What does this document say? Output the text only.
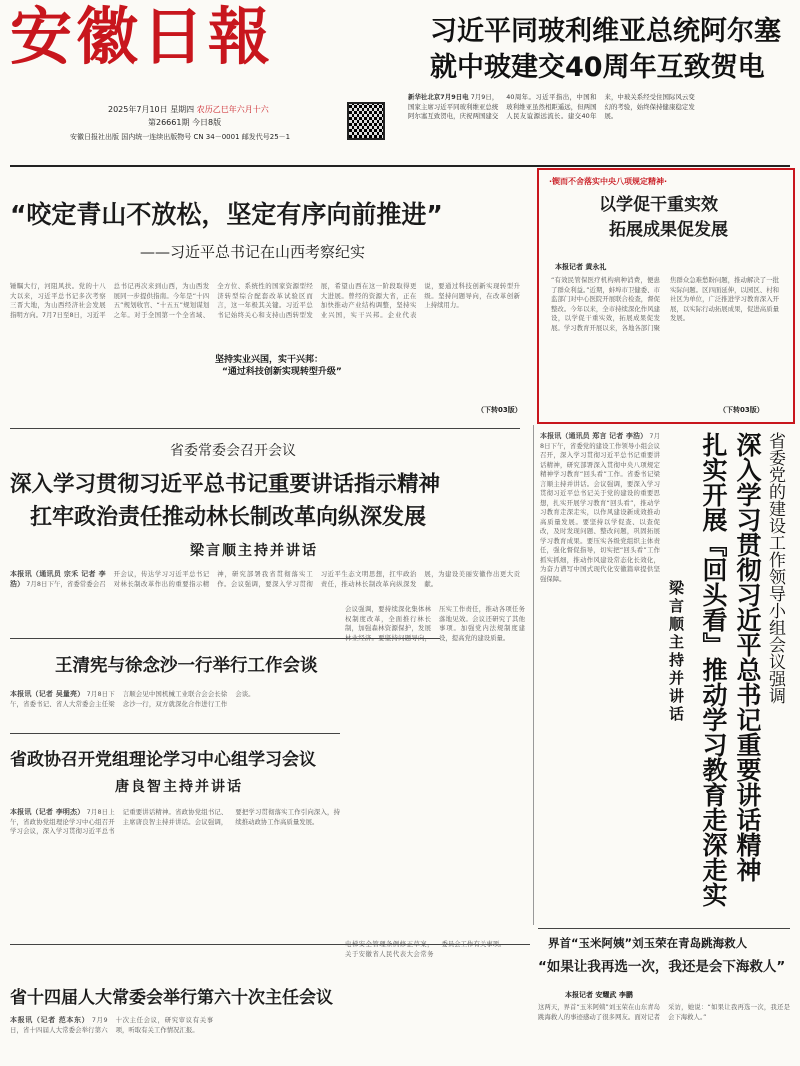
安徽日報
2025年7月10日 星期四 农历乙巳年六月十六
第26661期 今日8版
安徽日报社出版 国内统一连续出版物号 CN 34－0001 邮发代号25－1
习近平同玻利维亚总统阿尔塞
就中玻建交40周年互致贺电
新华社北京7月9日电 7月9日，国家主席习近平同玻利维亚总统阿尔塞互致贺电，庆祝两国建交40周年。习近平指出，中国和玻利维亚虽然相距遥远，但两国人民友谊源远流长。建交40年来，中玻关系经受住国际风云变幻的考验，始终保持健康稳定发展。
“咬定青山不放松，坚定有序向前推进”
——习近平总书记在山西考察纪实
锤瞩大行，河阻风扶。党的十八大以来，习近平总书记多次考察三晋大地，为山西经济社会发展指明方向。7月7日至8日，习近平总书记再次来到山西，为山西发展同一步提供指南。今年是“十四五”规划收官、“十五五”规划谋划之年。对于全国第一个全省域、全方位、系统性的国家资源型经济转型综合配套改革试验区而言，这一年极其关键。习近平总书记始终关心和支持山西转型发展，希望山西在这一阶段取得更大进展。曾经的资源大省，正在加快推动产业结构调整，坚持实业兴国，实干兴邦。企业代表说，要通过科技创新实现转型升级。坚持问题导向，在改革创新上持续用力。
坚持实业兴国，实干兴邦：
“通过科技创新实现转型升级”
（下转03版）
·锲而不舍落实中央八项规定精神·
以学促干重实效
拓展成果促发展
本报记者 黄永礼
“有效民管保医疗机构病种消费，便患了群众利益。”近期，蚌埠市卫健委、市监部门对中心医院开展联合检查，督促整改。今年以来，全市持续深化作风建设，以学促干重实效，拓展成果促发展。学习教育开展以来，各地各部门聚焦群众急难愁盼问题，推动解决了一批实际问题。区四面延伸，以园区、村和社区为单位，广泛推进学习教育深入开展，以实际行动拓展成果，促进高质量发展。
（下转03版）
省委常委会召开会议
深入学习贯彻习近平总书记重要讲话指示精神
扛牢政治责任推动林长制改革向纵深发展
梁言顺主持并讲话
本报讯（通讯员 宗禾 记者 李浩） 7月8日下午，省委常委会召开会议，传达学习习近平总书记对林长制改革作出的重要指示精神，研究部署我省贯彻落实工作。会议强调，要深入学习贯彻习近平生态文明思想，扛牢政治责任，推动林长制改革向纵深发展，为建设美丽安徽作出更大贡献。
王清宪与徐念沙一行举行工作会谈
本报讯（记者 吴量亮） 7月8日下午，省委书记、省人大常委会主任梁言顺会见中国机械工业联合会会长徐念沙一行，双方就深化合作进行工作会谈。
会议强调，要持续深化集体林权制度改革，全面推行林长制，加强森林资源保护，发展林业经济。要坚持问题导向，压实工作责任，推动各项任务落地见效。会议还研究了其他事项。加强党内法规制度建设，提高党的建设质量。
省政协召开党组理论学习中心组学习会议
唐良智主持并讲话
本报讯（记者 李明杰） 7月8日上午，省政协党组理论学习中心组召开学习会议，深入学习贯彻习近平总书记重要讲话精神。省政协党组书记、主席唐良智主持并讲话。会议强调，要把学习贯彻落实工作引向深入，持续推动政协工作高质量发展。
省十四届人大常委会举行第六十次主任会议
本报讯（记者 范本东） 7月9日，省十四届人大常委会举行第六十次主任会议，研究审议有关事项，听取有关工作情况汇报。
电梯安全管理条例修正草案，关于安徽省人民代表大会常务委员会工作有关事项。
本报讯（通讯员 郑言 记者 李浩） 7月8日下午，省委党的建设工作领导小组会议召开，深入学习贯彻习近平总书记重要讲话精神，研究部署深入贯彻中央八项规定精神学习教育“回头看”工作。省委书记梁言顺主持并讲话。会议强调，要深入学习贯彻习近平总书记关于党的建设的重要思想，扎实开展学习教育“回头看”，推动学习教育走深走实，以作风建设新成效推动高质量发展。要坚持以学促查、以查促改，及时发现问题、整改问题，巩固拓展学习教育成果。要压实各级党组织主体责任，强化督促指导，切实把“回头看”工作抓实抓细，推动作风建设常态化长效化，为奋力谱写中国式现代化安徽篇章提供坚强保障。	省委党的建设工作领导小组会议强调
深入学习贯彻习近平总书记重要讲话精神
扎实开展『回头看』推动学习教育走深走实
梁言顺主持并讲话
界首“玉米阿姨”刘玉荣在青岛跳海救人
“如果让我再选一次，我还是会下海救人”
本报记者 安耀武 李鹏
这两天，界首“玉米阿姨”刘玉荣在山东青岛跳海救人的事迹感动了很多网友。面对记者采访，她说：“如果让我再选一次，我还是会下海救人。”
